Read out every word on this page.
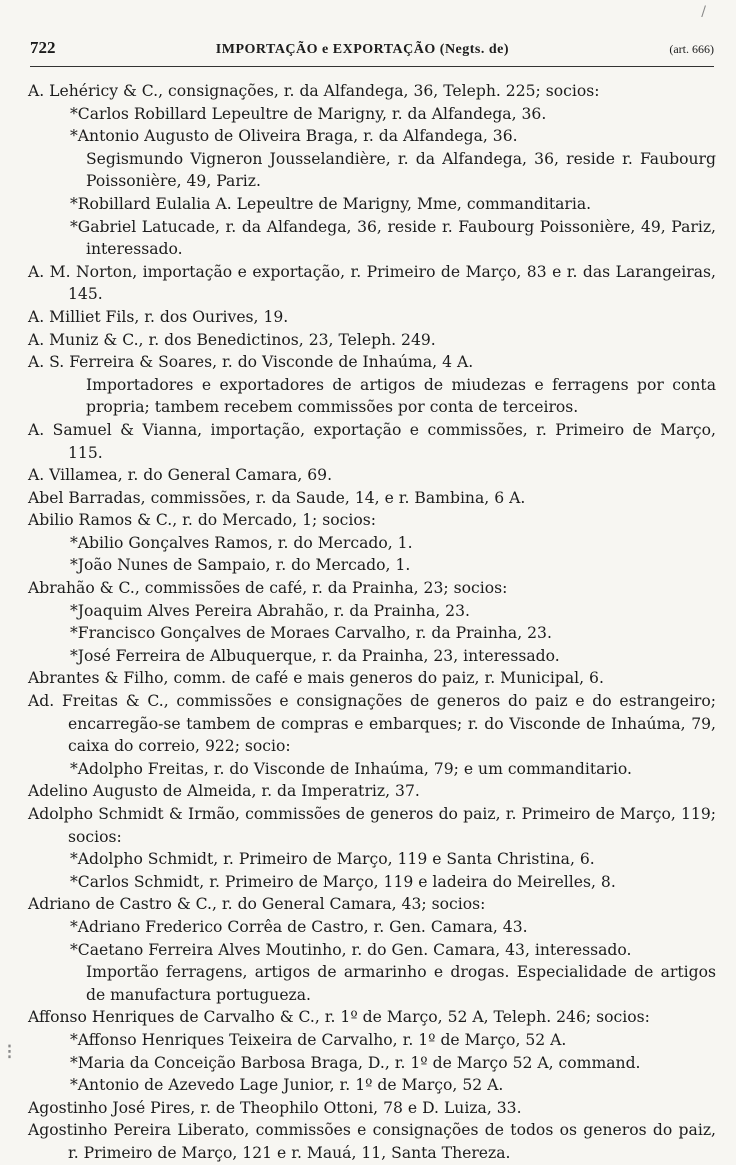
/
⁝
722	IMPORTAÇÃO e EXPORTAÇÃO (Negts. de)	(art. 666)

A. Lehéricy & C., consignações, r. da Alfandega, 36, Teleph. 225; socios:

*Carlos Robillard Lepeultre de Marigny, r. da Alfandega, 36.

*Antonio Augusto de Oliveira Braga, r. da Alfandega, 36.

Segismundo Vigneron Jousselandière, r. da Alfandega, 36, reside r. Faubourg Poissonière, 49, Pariz.

*Robillard Eulalia A. Lepeultre de Marigny, Mme, commanditaria.

*Gabriel Latucade, r. da Alfandega, 36, reside r. Faubourg Poissonière, 49, Pariz, interessado.

A. M. Norton, importação e exportação, r. Primeiro de Março, 83 e r. das Larangeiras, 145.

A. Milliet Fils, r. dos Ourives, 19.

A. Muniz & C., r. dos Benedictinos, 23, Teleph. 249.

A. S. Ferreira & Soares, r. do Visconde de Inhaúma, 4 A.

Importadores e exportadores de artigos de miudezas e ferragens por conta propria; tambem recebem commissões por conta de terceiros.

A. Samuel & Vianna, importação, exportação e commissões, r. Primeiro de Março, 115.

A. Villamea, r. do General Camara, 69.

Abel Barradas, commissões, r. da Saude, 14, e r. Bambina, 6 A.

Abilio Ramos & C., r. do Mercado, 1; socios:

*Abilio Gonçalves Ramos, r. do Mercado, 1.

*João Nunes de Sampaio, r. do Mercado, 1.

Abrahão & C., commissões de café, r. da Prainha, 23; socios:

*Joaquim Alves Pereira Abrahão, r. da Prainha, 23.

*Francisco Gonçalves de Moraes Carvalho, r. da Prainha, 23.

*José Ferreira de Albuquerque, r. da Prainha, 23, interessado.

Abrantes & Filho, comm. de café e mais generos do paiz, r. Municipal, 6.

Ad. Freitas & C., commissões e consignações de generos do paiz e do estrangeiro; encarregão-se tambem de compras e embarques; r. do Visconde de Inhaúma, 79, caixa do correio, 922; socio:

*Adolpho Freitas, r. do Visconde de Inhaúma, 79; e um commanditario.

Adelino Augusto de Almeida, r. da Imperatriz, 37.

Adolpho Schmidt & Irmão, commissões de generos do paiz, r. Primeiro de Março, 119; socios:

*Adolpho Schmidt, r. Primeiro de Março, 119 e Santa Christina, 6.

*Carlos Schmidt, r. Primeiro de Março, 119 e ladeira do Meirelles, 8.

Adriano de Castro & C., r. do General Camara, 43; socios:

*Adriano Frederico Corrêa de Castro, r. Gen. Camara, 43.

*Caetano Ferreira Alves Moutinho, r. do Gen. Camara, 43, interessado.

Importão ferragens, artigos de armarinho e drogas. Especialidade de artigos de manufactura portugueza.

Affonso Henriques de Carvalho & C., r. 1º de Março, 52 A, Teleph. 246; socios:

*Affonso Henriques Teixeira de Carvalho, r. 1º de Março, 52 A.

*Maria da Conceição Barbosa Braga, D., r. 1º de Março 52 A, command.

*Antonio de Azevedo Lage Junior, r. 1º de Março, 52 A.

Agostinho José Pires, r. de Theophilo Ottoni, 78 e D. Luiza, 33.

Agostinho Pereira Liberato, commissões e consignações de todos os generos do paiz, r. Primeiro de Março, 121 e r. Mauá, 11, Santa Thereza.
